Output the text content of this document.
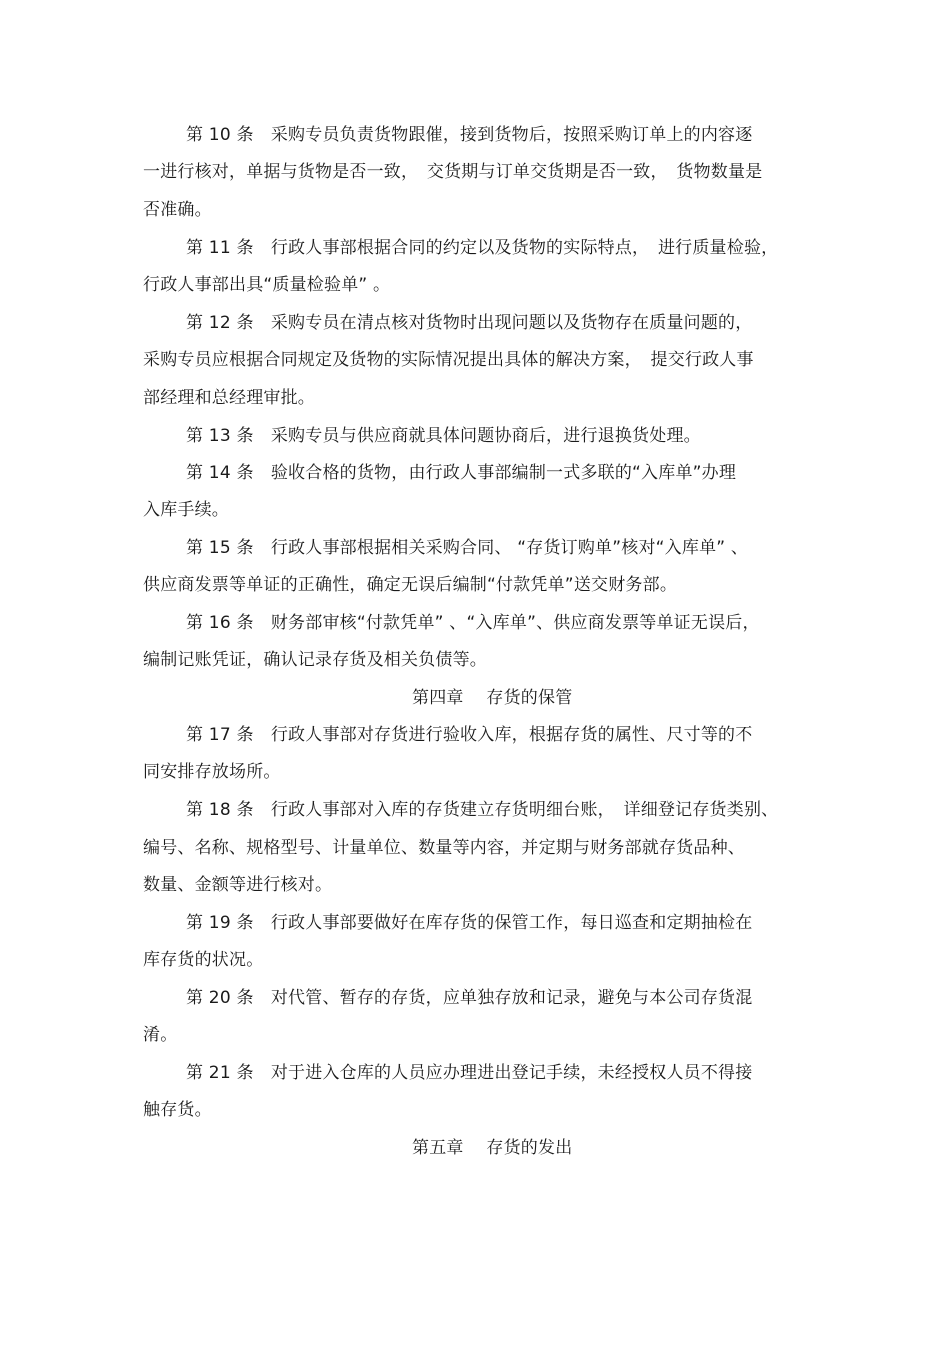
第 10 条　采购专员负责货物跟催，接到货物后，按照采购订单上的内容逐
一进行核对，单据与货物是否一致，　交货期与订单交货期是否一致，　货物数量是
否准确。
第 11 条　行政人事部根据合同的约定以及货物的实际特点，　进行质量检验，
行政人事部出具“质量检验单” 。
第 12 条　采购专员在清点核对货物时出现问题以及货物存在质量问题的，
采购专员应根据合同规定及货物的实际情况提出具体的解决方案，　提交行政人事
部经理和总经理审批。
第 13 条　采购专员与供应商就具体问题协商后，进行退换货处理。
第 14 条　验收合格的货物，由行政人事部编制一式多联的“入库单”办理
入库手续。
第 15 条　行政人事部根据相关采购合同、 “存货订购单”核对“入库单” 、
供应商发票等单证的正确性，确定无误后编制“付款凭单”送交财务部。
第 16 条　财务部审核“付款凭单” 、“入库单”、供应商发票等单证无误后，
编制记账凭证，确认记录存货及相关负债等。
第四章　 存货的保管
第 17 条　行政人事部对存货进行验收入库，根据存货的属性、尺寸等的不
同安排存放场所。
第 18 条　行政人事部对入库的存货建立存货明细台账，　详细登记存货类别、
编号、名称、规格型号、计量单位、数量等内容，并定期与财务部就存货品种、
数量、金额等进行核对。
第 19 条　行政人事部要做好在库存货的保管工作，每日巡查和定期抽检在
库存货的状况。
第 20 条　对代管、暂存的存货，应单独存放和记录，避免与本公司存货混
淆。
第 21 条　对于进入仓库的人员应办理进出登记手续，未经授权人员不得接
触存货。
第五章　 存货的发出
